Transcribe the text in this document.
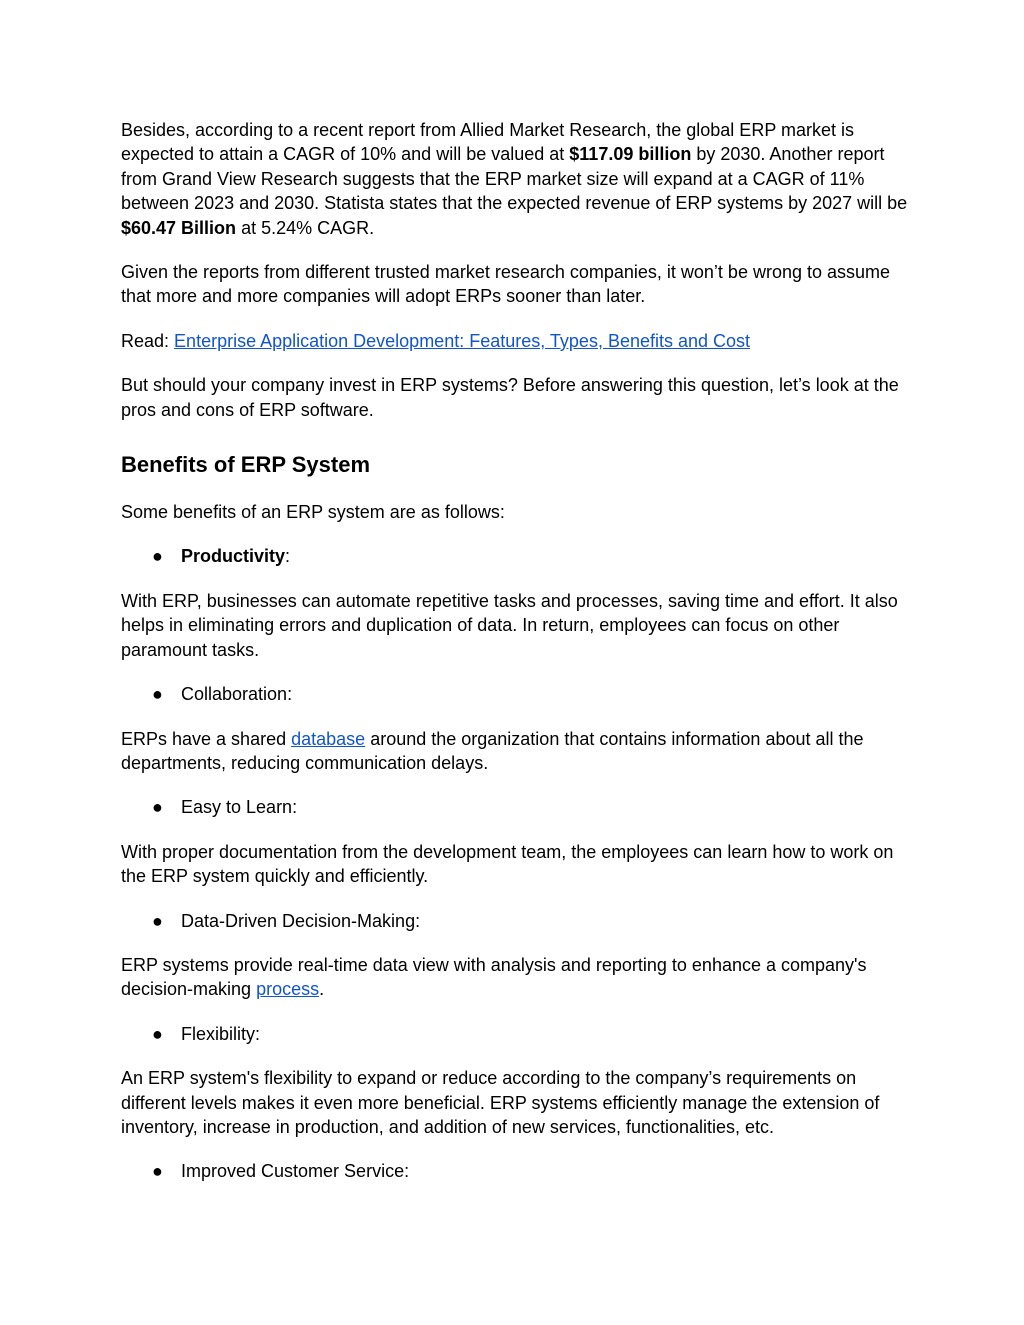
Besides, according to a recent report from Allied Market Research, the global ERP market is expected to attain a CAGR of 10% and will be valued at $117.09 billion by 2030. Another report from Grand View Research suggests that the ERP market size will expand at a CAGR of 11% between 2023 and 2030. Statista states that the expected revenue of ERP systems by 2027 will be $60.47 Billion at 5.24% CAGR.

Given the reports from different trusted market research companies, it won’t be wrong to assume that more and more companies will adopt ERPs sooner than later.

Read: Enterprise Application Development: Features, Types, Benefits and Cost

But should your company invest in ERP systems? Before answering this question, let’s look at the pros and cons of ERP software.

Benefits of ERP System

Some benefits of an ERP system are as follows:

● Productivity:

With ERP, businesses can automate repetitive tasks and processes, saving time and effort. It also helps in eliminating errors and duplication of data. In return, employees can focus on other paramount tasks.

● Collaboration:

ERPs have a shared database around the organization that contains information about all the departments, reducing communication delays.

● Easy to Learn:

With proper documentation from the development team, the employees can learn how to work on the ERP system quickly and efficiently.

● Data-Driven Decision-Making:

ERP systems provide real-time data view with analysis and reporting to enhance a company's decision-making process.

● Flexibility:

An ERP system's flexibility to expand or reduce according to the company’s requirements on different levels makes it even more beneficial. ERP systems efficiently manage the extension of inventory, increase in production, and addition of new services, functionalities, etc.

● Improved Customer Service:
